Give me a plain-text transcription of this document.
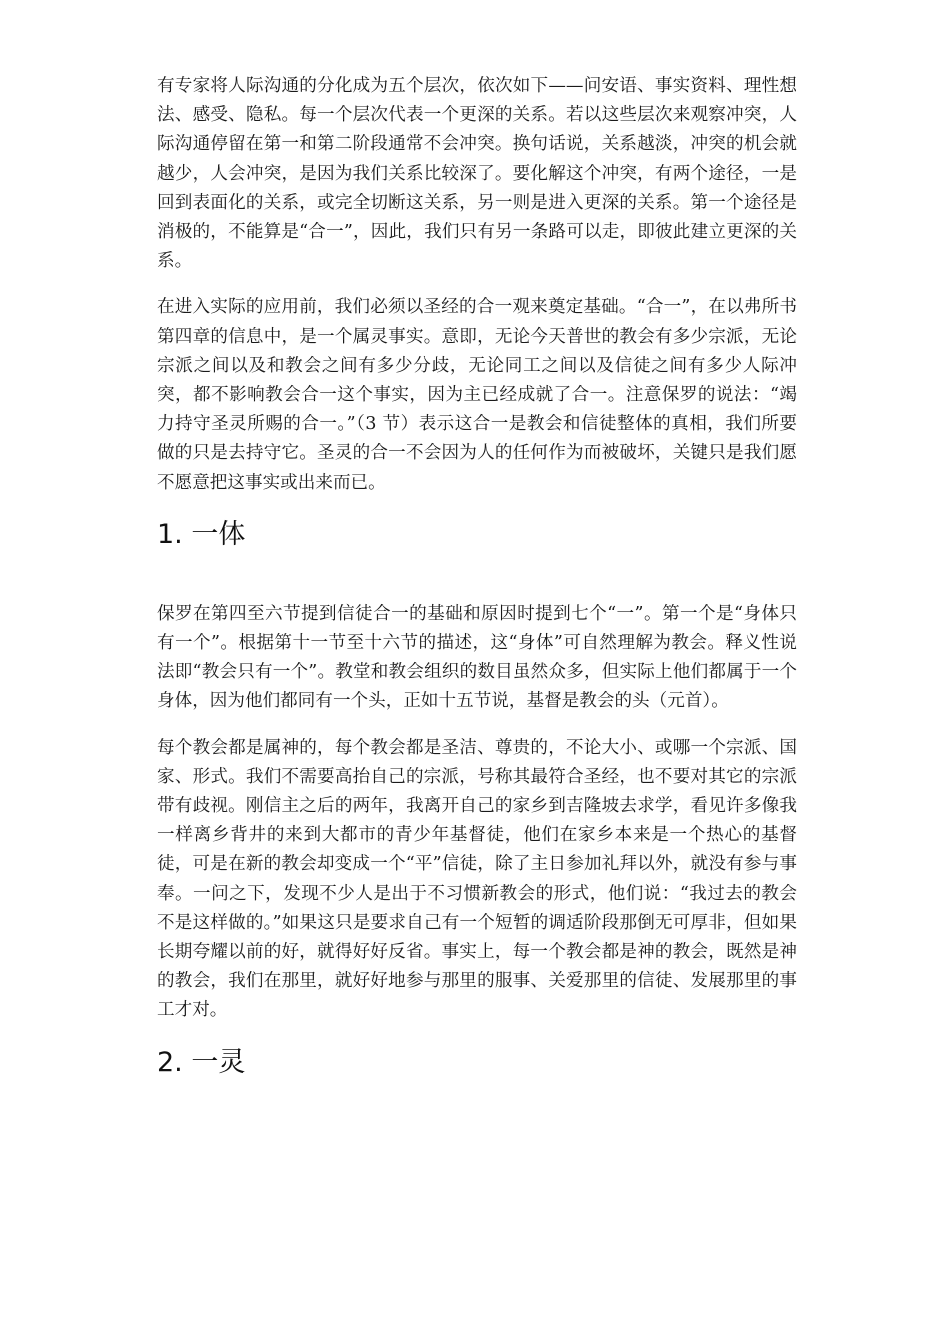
有专家将人际沟通的分化成为五个层次，依次如下——问安语、事实资料、理性想法、感受、隐私。每一个层次代表一个更深的关系。若以这些层次来观察冲突，人际沟通停留在第一和第二阶段通常不会冲突。换句话说，关系越淡，冲突的机会就越少，人会冲突，是因为我们关系比较深了。要化解这个冲突，有两个途径，一是回到表面化的关系，或完全切断这关系，另一则是进入更深的关系。第一个途径是消极的，不能算是“合一”，因此，我们只有另一条路可以走，即彼此建立更深的关系。

在进入实际的应用前，我们必须以圣经的合一观来奠定基础。“合一”，在以弗所书第四章的信息中，是一个属灵事实。意即，无论今天普世的教会有多少宗派，无论宗派之间以及和教会之间有多少分歧，无论同工之间以及信徒之间有多少人际冲突，都不影响教会合一这个事实，因为主已经成就了合一。注意保罗的说法：“竭力持守圣灵所赐的合一。”（3 节）表示这合一是教会和信徒整体的真相，我们所要做的只是去持守它。圣灵的合一不会因为人的任何作为而被破坏，关键只是我们愿不愿意把这事实或出来而已。

1. 一体

保罗在第四至六节提到信徒合一的基础和原因时提到七个“一”。第一个是“身体只有一个”。根据第十一节至十六节的描述，这“身体”可自然理解为教会。释义性说法即“教会只有一个”。教堂和教会组织的数目虽然众多，但实际上他们都属于一个身体，因为他们都同有一个头，正如十五节说，基督是教会的头（元首）。

每个教会都是属神的，每个教会都是圣洁、尊贵的，不论大小、或哪一个宗派、国家、形式。我们不需要高抬自己的宗派，号称其最符合圣经，也不要对其它的宗派带有歧视。刚信主之后的两年，我离开自己的家乡到吉隆坡去求学，看见许多像我一样离乡背井的来到大都市的青少年基督徒，他们在家乡本来是一个热心的基督徒，可是在新的教会却变成一个“平”信徒，除了主日参加礼拜以外，就没有参与事奉。一问之下，发现不少人是出于不习惯新教会的形式，他们说：“我过去的教会不是这样做的。”如果这只是要求自己有一个短暂的调适阶段那倒无可厚非，但如果长期夸耀以前的好，就得好好反省。事实上，每一个教会都是神的教会，既然是神的教会，我们在那里，就好好地参与那里的服事、关爱那里的信徒、发展那里的事工才对。

2. 一灵
